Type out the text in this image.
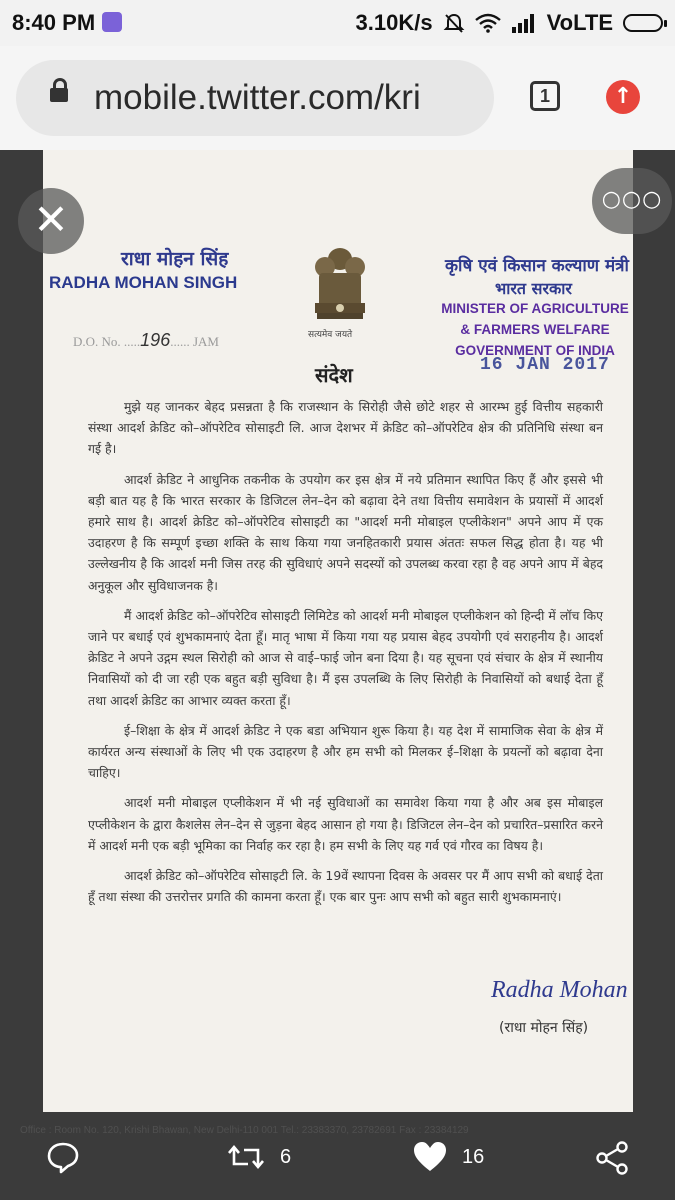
8:40 PM	3.10K/s	VoLTE
mobile.twitter.com/kri	1	↑
राधा मोहन सिंह
RADHA MOHAN SINGH
सत्यमेव जयते
कृषि एवं किसान कल्याण मंत्री
भारत सरकार
MINISTER OF AGRICULTURE
& FARMERS WELFARE
GOVERNMENT OF INDIA
D.O. No. .....196...... JAM
16 JAN 2017
संदेश

मुझे यह जानकर बेहद प्रसन्नता है कि राजस्थान के सिरोही जैसे छोटे शहर से आरम्भ हुई वित्तीय सहकारी संस्था आदर्श क्रेडिट को–ऑपरेटिव सोसाइटी लि. आज देशभर में क्रेडिट को–ऑपरेटिव क्षेत्र की प्रतिनिधि संस्था बन गई है।

आदर्श क्रेडिट ने आधुनिक तकनीक के उपयोग कर इस क्षेत्र में नये प्रतिमान स्थापित किए हैं और इससे भी बड़ी बात यह है कि भारत सरकार के डिजिटल लेन–देन को बढ़ावा देने तथा वित्तीय समावेशन के प्रयासों में आदर्श हमारे साथ है। आदर्श क्रेडिट को–ऑपरेटिव सोसाइटी का "आदर्श मनी मोबाइल एप्लीकेशन" अपने आप में एक उदाहरण है कि सम्पूर्ण इच्छा शक्ति के साथ किया गया जनहितकारी प्रयास अंततः सफल सिद्ध होता है। यह भी उल्लेखनीय है कि आदर्श मनी जिस तरह की सुविधाएं अपने सदस्यों को उपलब्ध करवा रहा है वह अपने आप में बेहद अनुकूल और सुविधाजनक है।

मैं आदर्श क्रेडिट को–ऑपरेटिव सोसाइटी लिमिटेड को आदर्श मनी मोबाइल एप्लीकेशन को हिन्दी में लॉच किए जाने पर बधाई एवं शुभकामनाएं देता हूँ। मातृ भाषा में किया गया यह प्रयास बेहद उपयोगी एवं सराहनीय है। आदर्श क्रेडिट ने अपने उद्गम स्थल सिरोही को आज से वाई–फाई जोन बना दिया है। यह सूचना एवं संचार के क्षेत्र में स्थानीय निवासियों को दी जा रही एक बहुत बड़ी सुविधा है। मैं इस उपलब्धि के लिए सिरोही के निवासियों को बधाई देता हूँ तथा आदर्श क्रेडिट का आभार व्यक्त करता हूँ।

ई–शिक्षा के क्षेत्र में आदर्श क्रेडिट ने एक बडा अभियान शुरू किया है। यह देश में सामाजिक सेवा के क्षेत्र में कार्यरत अन्य संस्थाओं के लिए भी एक उदाहरण है और हम सभी को मिलकर ई–शिक्षा के प्रयत्नों को बढ़ावा देना चाहिए।

आदर्श मनी मोबाइल एप्लीकेशन में भी नई सुविधाओं का समावेश किया गया है और अब इस मोबाइल एप्लीकेशन के द्वारा कैशलेस लेन–देन से जुड़ना बेहद आसान हो गया है। डिजिटल लेन–देन को प्रचारित–प्रसारित करने में आदर्श मनी एक बड़ी भूमिका का निर्वाह कर रहा है। हम सभी के लिए यह गर्व एवं गौरव का विषय है।

आदर्श क्रेडिट को–ऑपरेटिव सोसाइटी लि. के 19वें स्थापना दिवस के अवसर पर मैं आप सभी को बधाई देता हूँ तथा संस्था की उत्तरोत्तर प्रगति की कामना करता हूँ। एक बार पुनः आप सभी को बहुत सारी शुभकामनाएं।

Radha Mohan
(राधा मोहन सिंह)
Office : Room No. 120, Krishi Bhawan, New Delhi-110 001 Tel.: 23383370, 23782691 Fax : 23384129
✕	○○○
6	16
